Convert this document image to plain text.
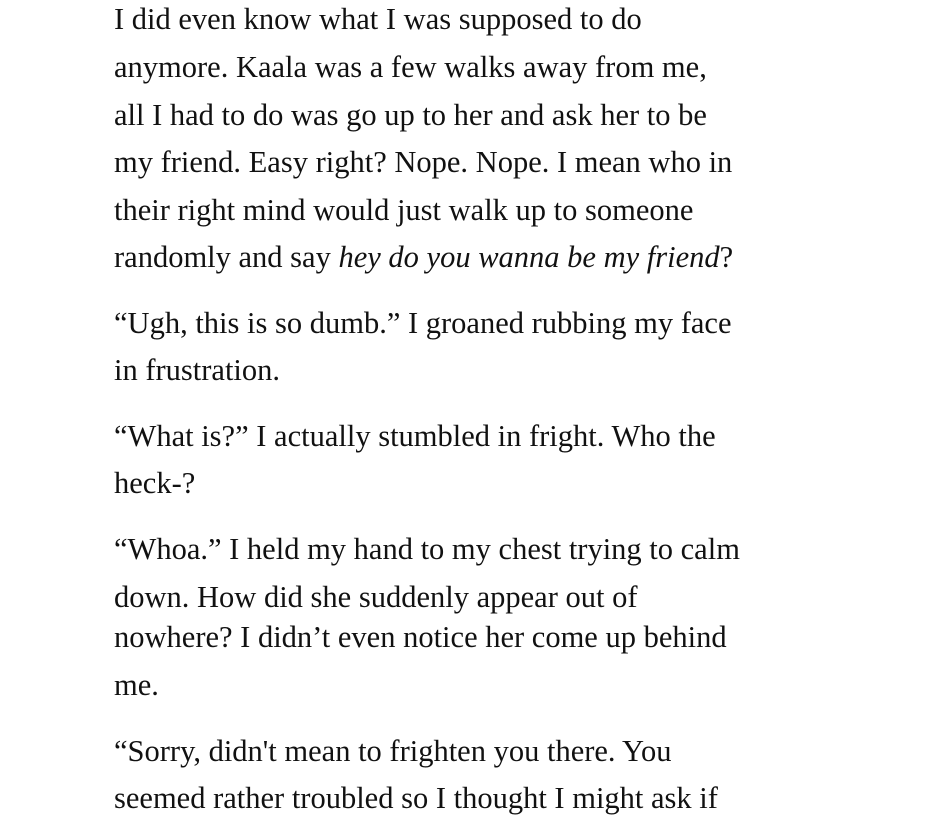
I did even know what I was supposed to do
anymore. Kaala was a few walks away from me,
all I had to do was go up to her and ask her to be
my friend. Easy right? Nope. Nope. I mean who in
their right mind would just walk up to someone
randomly and say hey do you wanna be my friend?
“Ugh, this is so dumb.” I groaned rubbing my face
in frustration.
“What is?” I actually stumbled in fright. Who the
heck-?
“Whoa.” I held my hand to my chest trying to calm
down. How did she suddenly appear out of
nowhere? I didn’t even notice her come up behind
me.
“Sorry, didn't mean to frighten you there. You
seemed rather troubled so I thought I might ask if
